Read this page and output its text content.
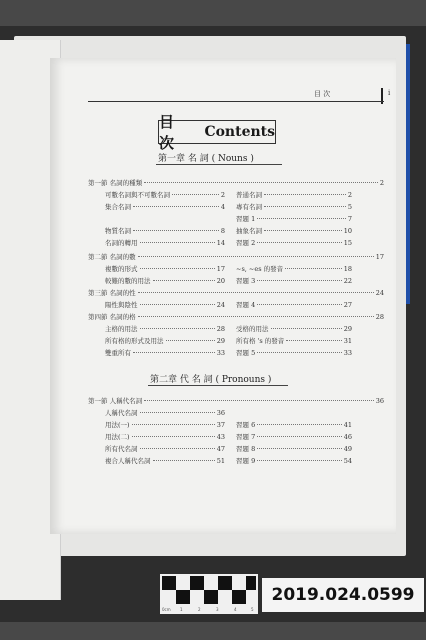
目 次	i
目 次
Contents
第一章 名 詞 ( Nouns )
第一節 名詞的種類	2
可數名詞與不可數名詞	2 普通名詞	2
集合名詞	4 專有名詞	5
習題 1	7
物質名詞	8 抽象名詞	10
名詞的轉用	14 習題 2	15
第二節 名詞的數	17
複數的形式	17 ~s, ~es 的發音	18
較難的數的用法	20 習題 3	22
第三節 名詞的性	24
陽性與陰性	24 習題 4	27
第四節 名詞的格	28
主格的用法	28 受格的用法	29
所有格的形式及用法	29 所有格 's 的發音	31
雙重所有	33 習題 5	33
第二章 代 名 詞 ( Pronouns )
第一節 人稱代名詞	36
人稱代名詞	36
用法(一)	37 習題 6	41
用法(二)	43 習題 7	46
所有代名詞	47 習題 8	49
複合人稱代名詞	51 習題 9	54
0cm 1	2	3	4	5
2019.024.0599
